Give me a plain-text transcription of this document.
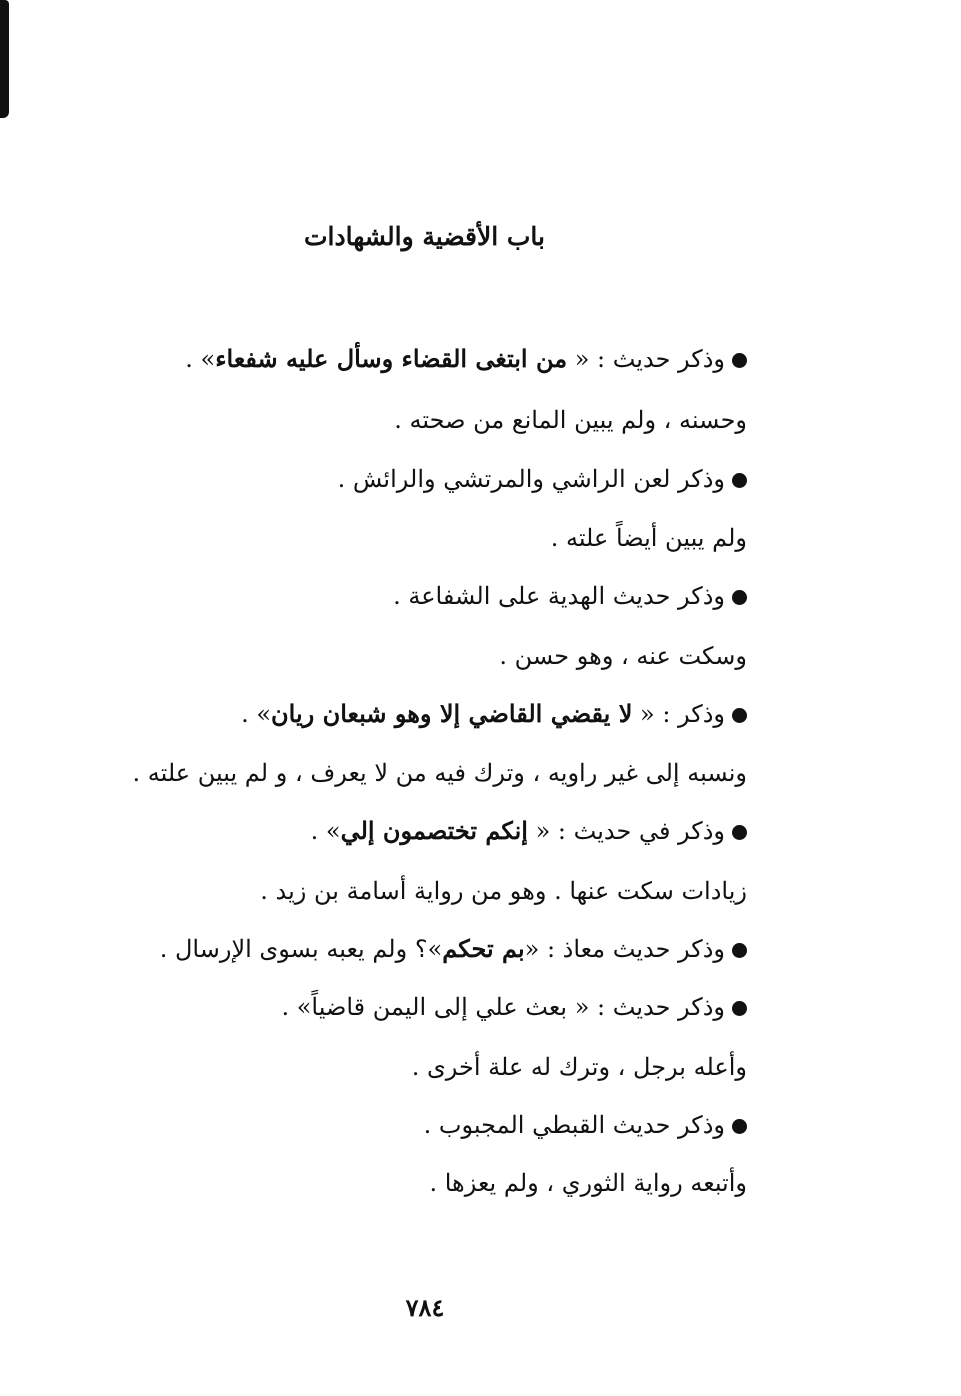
باب الأقضية والشهادات
وذكر حديث : « من ابتغى القضاء وسأل عليه شفعاء» .
وحسنه ، ولم يبين المانع من صحته .
وذكر لعن الراشي والمرتشي والرائش .
ولم يبين أيضاً علته .
وذكر حديث الهدية على الشفاعة .
وسكت عنه ، وهو حسن .
وذكر : « لا يقضي القاضي إلا وهو شبعان ريان» .
ونسبه إلى غير راويه ، وترك فيه من لا يعرف ، و لم يبين علته .
وذكر في حديث : « إنكم تختصمون إلي» .
زيادات سكت عنها . وهو من رواية أسامة بن زيد .
وذكر حديث معاذ : «بم تحكم»؟ ولم يعبه بسوى الإرسال .
وذكر حديث : « بعث علي إلى اليمن قاضياً» .
وأعله برجل ، وترك له علة أخرى .
وذكر حديث القبطي المجبوب .
وأتبعه رواية الثوري ، ولم يعزها .
٧٨٤
